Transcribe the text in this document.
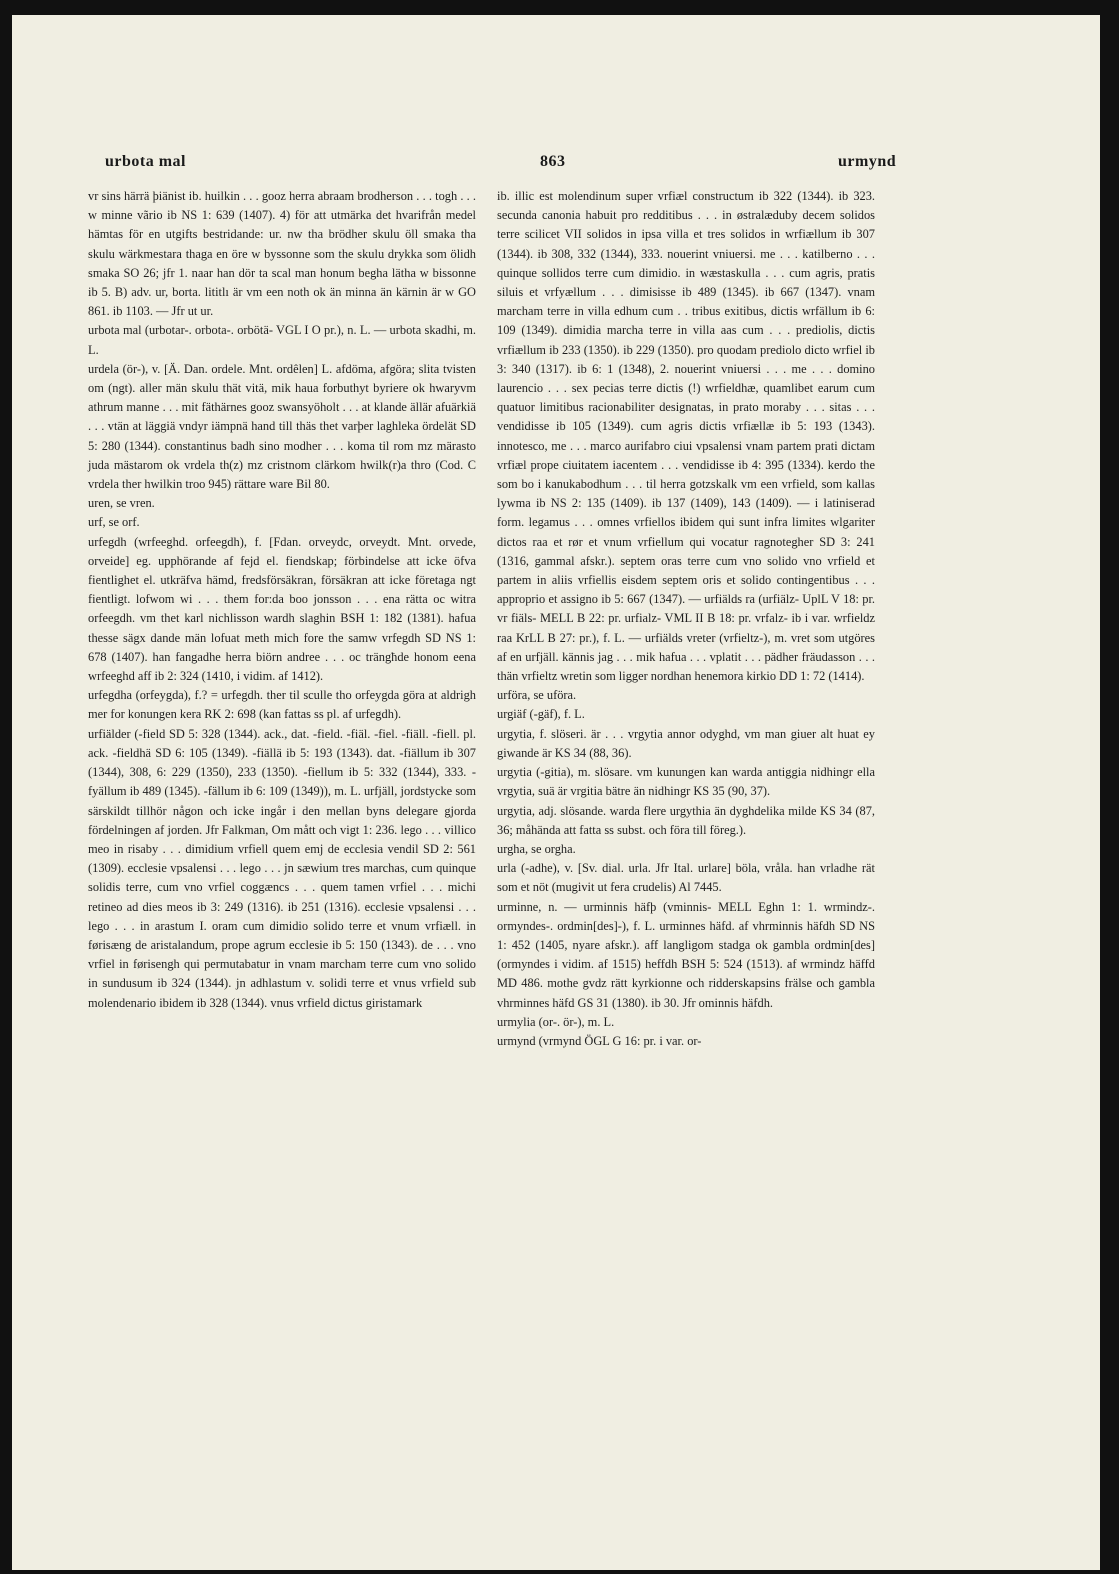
urbota mal	863	urmynd

vr sins härrä þiänist ib. huilkin . . . gooz herra abraam brodherson . . . togh . . . w minne vãrio ib NS 1: 639 (1407). 4) för att utmärka det hvarifrån medel hämtas för en utgifts bestridande: ur. nw tha brödher skulu öll smaka tha skulu wärkmestara thaga en öre w byssonne som the skulu drykka som ölidh smaka SO 26; jfr 1. naar han dör ta scal man honum begha lätha w bissonne ib 5. B) adv. ur, borta. lititlı är vm een noth ok än minna än kärnin är w GO 861. ib 1103. — Jfr ut ur.

urbota mal (urbotar-. orbota-. orbötä- VGL I O pr.), n. L. — urbota skadhi, m. L.

urdela (ör-), v. [Ä. Dan. ordele. Mnt. ordêlen] L. afdöma, afgöra; slita tvisten om (ngt). aller män skulu thät vitä, mik haua forbuthyt byriere ok hwaryvm athrum manne . . . mit fäthärnes gooz swansyöholt . . . at klande ällär afuärkiä . . . vtän at läggiä vndyr iämpnä hand till thäs thet varþer laghleka ördelät SD 5: 280 (1344). constantinus badh sino modher . . . koma til rom mz märasto juda mästarom ok vrdela th(z) mz cristnom clärkom hwilk(r)a thro (Cod. C vrdela ther hwilkin troo 945) rättare ware Bil 80.

uren, se vren.

urf, se orf.

urfegdh (wrfeeghd. orfeegdh), f. [Fdan. orveydc, orveydt. Mnt. orvede, orveide] eg. upphörande af fejd el. fiendskap; förbindelse att icke öfva fientlighet el. utkräfva hämd, fredsförsäkran, försäkran att icke företaga ngt fientligt. lofwom wi . . . them for:da boo jonsson . . . ena rätta oc witra orfeegdh. vm thet karl nichlisson wardh slaghin BSH 1: 182 (1381). hafua thesse sägx dande män lofuat meth mich fore the samw vrfegdh SD NS 1: 678 (1407). han fangadhe herra biörn andree . . . oc trängħde honom eena wrfeeghd aff ib 2: 324 (1410, i vidim. af 1412).

urfegdha (orfeygda), f.? = urfegdh. ther til sculle tho orfeygda göra at aldrigh mer for konungen kera RK 2: 698 (kan fattas ss pl. af urfegdh).

urfiälder (-field SD 5: 328 (1344). ack., dat. -field. -fiäl. -fiel. -fiäll. -fiell. pl. ack. -fieldhä SD 6: 105 (1349). -fiällä ib 5: 193 (1343). dat. -fiällum ib 307 (1344), 308, 6: 229 (1350), 233 (1350). -fiellum ib 5: 332 (1344), 333. -fyällum ib 489 (1345). -fällum ib 6: 109 (1349)), m. L. urfjäll, jordstycke som särskildt tillhör någon och icke ingår i den mellan byns delegare gjorda fördelningen af jorden. Jfr Falkman, Om mått och vigt 1: 236. lego . . . villico meo in risaby . . . dimidium vrfiell quem emj de ecclesia vendil SD 2: 561 (1309). ecclesie vpsalensi . . . lego . . . jn sæwium tres marchas, cum quinque solidis terre, cum vno vrfiel coggæncs . . . quem tamen vrfiel . . . michi retineo ad dies meos ib 3: 249 (1316). ib 251 (1316). ecclesie vpsalensi . . . lego . . . in arastum I. oram cum dimidio solido terre et vnum vrfiæll. in førisæng de aristalandum, prope agrum ecclesie ib 5: 150 (1343). de . . . vno vrfiel in førisengh qui permutabatur in vnam marcham terre cum vno solido in sundusum ib 324 (1344). jn adhlastum v. solidi terre et vnus vrfield sub molendenario ibidem ib 328 (1344). vnus vrfield dictus giristamark

ib. illic est molendinum super vrfiæl constructum ib 322 (1344). ib 323. secunda canonia habuit pro redditibus . . . in østralæduby decem solidos terre scilicet VII solidos in ipsa villa et tres solidos in wrfiællum ib 307 (1344). ib 308, 332 (1344), 333. nouerint vniuersi. me . . . katilberno . . . quinque sollidos terre cum dimidio. in wæstaskulla . . . cum agris, pratis siluis et vrfyællum . . . dimisisse ib 489 (1345). ib 667 (1347). vnam marcham terre in villa edhum cum . . tribus exitibus, dictis wrfällum ib 6: 109 (1349). dimidia marcha terre in villa aas cum . . . prediolis, dictis vrfiællum ib 233 (1350). ib 229 (1350). pro quodam prediolo dicto wrfiel ib 3: 340 (1317). ib 6: 1 (1348), 2. nouerint vniuersi . . . me . . . domino laurencio . . . sex pecias terre dictis (!) wrfieldhæ, quamlibet earum cum quatuor limitibus racionabiliter designatas, in prato moraby . . . sitas . . . vendidisse ib 105 (1349). cum agris dictis vrfiællæ ib 5: 193 (1343). innotesco, me . . . marco aurifabro ciui vpsalensi vnam partem prati dictam vrfiæl prope ciuitatem iacentem . . . vendidisse ib 4: 395 (1334). kerdo the som bo i kanukabodhum . . . til herra gotzskalk vm een vrfield, som kallas lywma ib NS 2: 135 (1409). ib 137 (1409), 143 (1409). — i latiniserad form. legamus . . . omnes vrfiellos ibidem qui sunt infra limites wlgariter dictos raa et rør et vnum vrfiellum qui vocatur ragnotegher SD 3: 241 (1316, gammal afskr.). septem oras terre cum vno solido vno vrfield et partem in aliis vrfiellis eisdem septem oris et solido contingentibus . . . approprio et assigno ib 5: 667 (1347). — urfiälds ra (urfiälz- UplL V 18: pr. vr fiäls- MELL B 22: pr. urfialz- VML II B 18: pr. vrfalz- ib i var. wrfieldz raa KrLL B 27: pr.), f. L. — urfiälds vreter (vrfieltz-), m. vret som utgöres af en urfjäll. kännis jag . . . mik hafua . . . vplatit . . . pädher fräudasson . . . thän vrfieltz wretin som ligger nordhan henemora kirkio DD 1: 72 (1414).

urföra, se uföra.

urgiäf (-gäf), f. L.

urgytia, f. slöseri. är . . . vrgytia annor odyghd, vm man giuer alt huat ey giwande är KS 34 (88, 36).

urgytia (-gitia), m. slösare. vm kunungen kan warda antiggia nidhingr ella vrgytia, suä är vrgitia bätre än nidhingr KS 35 (90, 37).

urgytia, adj. slösande. warda flere urgythia än dyghdelika milde KS 34 (87, 36; måhända att fatta ss subst. och föra till föreg.).

urgha, se orgha.

urla (-adhe), v. [Sv. dial. urla. Jfr Ital. urlare] böla, vråla. han vrladhe rät som et nöt (mugivit ut fera crudelis) Al 7445.

urminne, n. — urminnis häfþ (vminnis- MELL Eghn 1: 1. wrmindz-. ormyndes-. ordmin[des]-), f. L. urminnes häfd. af vhrminnis häfdh SD NS 1: 452 (1405, nyare afskr.). aff langligom stadga ok gambla ordmin[des] (ormyndes i vidim. af 1515) heffdh BSH 5: 524 (1513). af wrmindz häffd MD 486. mothe gvdz rätt kyrkionne och ridderskapsins frälse och gambla vhrminnes häfd GS 31 (1380). ib 30. Jfr ominnis häfdh.

urmylia (or-. ör-), m. L.

urmynd (vrmynd ÖGL G 16: pr. i var. or-
